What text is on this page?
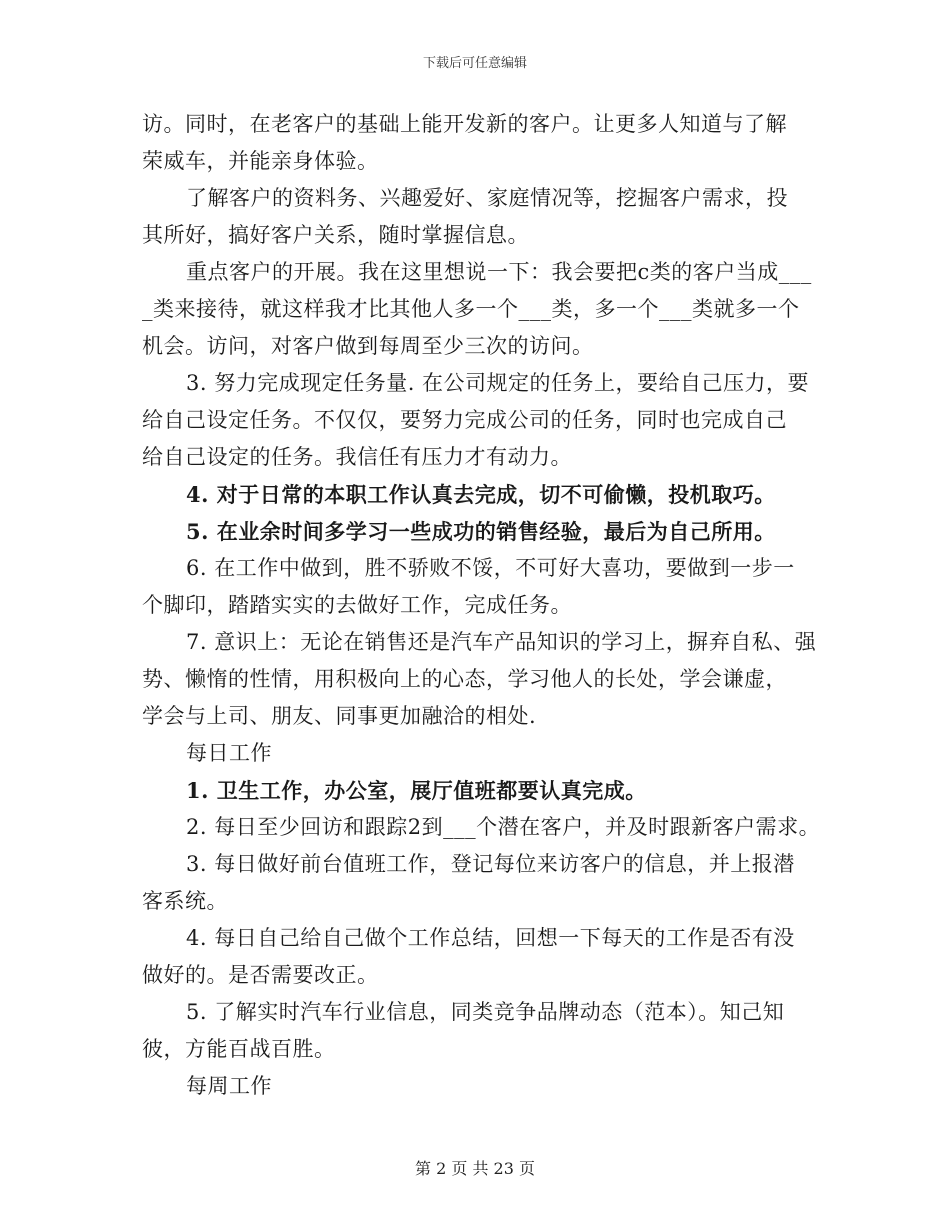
下载后可任意编辑
访。同时，在老客户的基础上能开发新的客户。让更多人知道与了解
荣威车，并能亲身体验。
了解客户的资料务、兴趣爱好、家庭情况等，挖掘客户需求，投
其所好，搞好客户关系，随时掌握信息。
重点客户的开展。我在这里想说一下：我会要把c类的客户当成___
_类来接待，就这样我才比其他人多一个___类，多一个___类就多一个
机会。访问，对客户做到每周至少三次的访问。
3. 努力完成现定任务量. 在公司规定的任务上，要给自己压力，要
给自己设定任务。不仅仅，要努力完成公司的任务，同时也完成自己
给自己设定的任务。我信任有压力才有动力。
4. 对于日常的本职工作认真去完成，切不可偷懒，投机取巧。
5. 在业余时间多学习一些成功的销售经验，最后为自己所用。
6. 在工作中做到，胜不骄败不馁，不可好大喜功，要做到一步一
个脚印，踏踏实实的去做好工作，完成任务。
7. 意识上：无论在销售还是汽车产品知识的学习上，摒弃自私、强
势、懒惰的性情，用积极向上的心态，学习他人的长处，学会谦虚，
学会与上司、朋友、同事更加融洽的相处.
每日工作
1. 卫生工作，办公室，展厅值班都要认真完成。
2. 每日至少回访和跟踪2到___个潜在客户，并及时跟新客户需求。
3. 每日做好前台值班工作，登记每位来访客户的信息，并上报潜
客系统。
4. 每日自己给自己做个工作总结，回想一下每天的工作是否有没
做好的。是否需要改正。
5. 了解实时汽车行业信息，同类竞争品牌动态（范本）。知己知
彼，方能百战百胜。
每周工作
第 2 页 共 23 页
